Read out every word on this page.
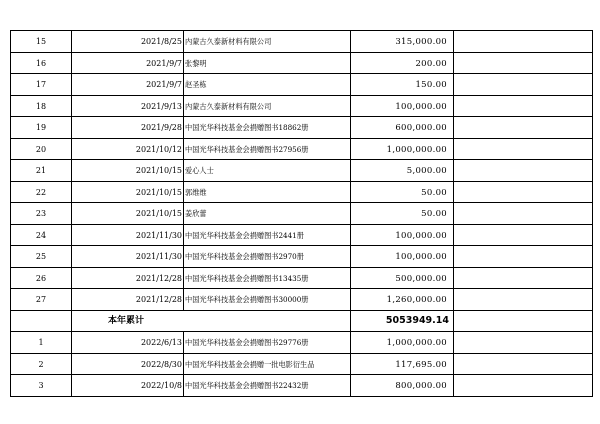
15	2021/8/25	内蒙古久泰新材料有限公司	315,000.00	
16	2021/9/7	张黎明	200.00	
17	2021/9/7	赵圣栋	150.00	
18	2021/9/13	内蒙古久泰新材料有限公司	100,000.00	
19	2021/9/28	中国光华科技基金会捐赠图书18862册	600,000.00	
20	2021/10/12	中国光华科技基金会捐赠图书27956册	1,000,000.00	
21	2021/10/15	爱心人士	5,000.00	
22	2021/10/15	郭维维	50.00	
23	2021/10/15	姜欣蕾	50.00	
24	2021/11/30	中国光华科技基金会捐赠图书2441册	100,000.00	
25	2021/11/30	中国光华科技基金会捐赠图书2970册	100,000.00	
26	2021/12/28	中国光华科技基金会捐赠图书13435册	500,000.00	
27	2021/12/28	中国光华科技基金会捐赠图书30000册	1,260,000.00	
	本年累计		5053949.14	
1	2022/6/13	中国光华科技基金会捐赠图书29776册	1,000,000.00	
2	2022/8/30	中国光华科技基金会捐赠一批电影衍生品	117,695.00	
3	2022/10/8	中国光华科技基金会捐赠图书22432册	800,000.00	
